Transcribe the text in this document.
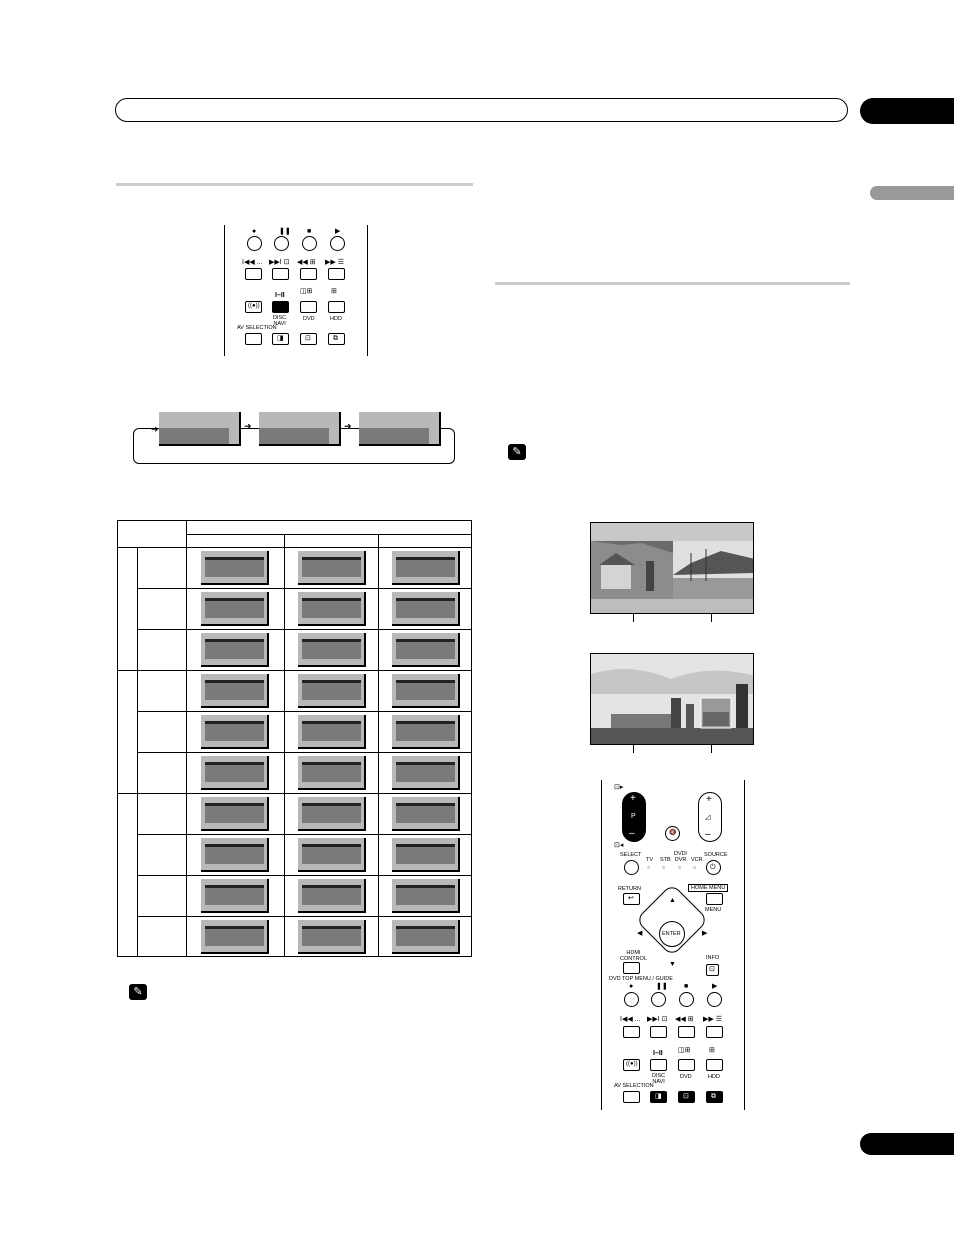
●	❚❚ ■	▶
I◀◀ ... ▶▶I ⊡ ◀◀ ⊞ ▶▶ ☰
I–II
◫⊞	⊞
((●))
DISC
NAVI
DVD	HDD
AV SELECTION
◨	⊡	⧉
➜	➜
➜
✎
✎
⊡▸
+
P
–
⊡◂
🔇
+
◿
–
SELECT
TV STB
DVD/
DVR VCR
SOURCE
○ ○	○ ○ ⏻
RETURN	HOME MENU
↩
MENU
▲
▼
◀	▶
ENTER
HDMI
CONTROL	INFO
⊡
DVD TOP MENU / GUIDE
●	❚❚ ■	▶
I◀◀ ... ▶▶I ⊡ ◀◀ ⊞ ▶▶ ☰
I–II ◫⊞	⊞
((●))
DISC
NAVI
DVD	HDD
AV SELECTION
◨	⊡	⧉
